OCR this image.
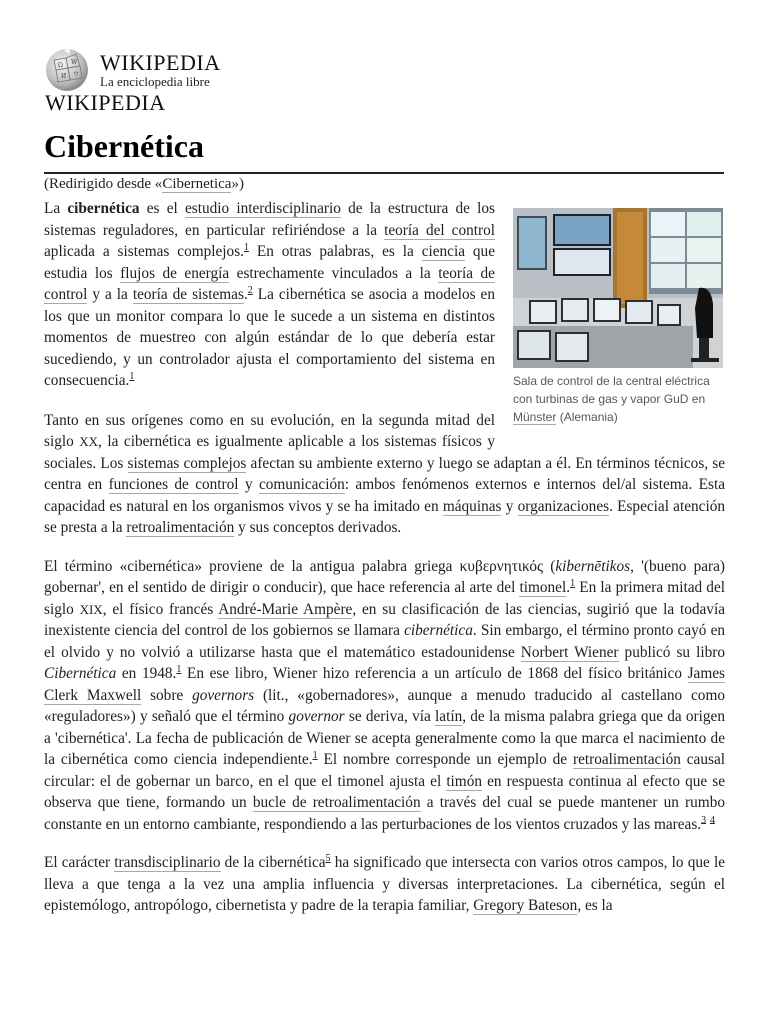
Ω W
И ウ WIKIPEDIA
La enciclopedia libre
WIKIPEDIA
Cibernética
(Redirigido desde «Cibernetica»)
Sala de control de la central eléctrica con turbinas de gas y vapor GuD en Münster (Alemania)

La cibernética es el estudio interdisciplinario de la estructura de los sistemas reguladores, en particular refiriéndose a la teoría del control aplicada a sistemas complejos.$^1$ En otras palabras, es la ciencia que estudia los flujos de energía estrechamente vinculados a la teoría de control y a la teoría de sistemas.$^2$ La cibernética se asocia a modelos en los que un monitor compara lo que le sucede a un sistema en distintos momentos de muestreo con algún estándar de lo que debería estar sucediendo, y un controlador ajusta el comportamiento del sistema en consecuencia.$^1$

Tanto en sus orígenes como en su evolución, en la segunda mitad del siglo XX, la cibernética es igualmente aplicable a los sistemas físicos y sociales. Los sistemas complejos afectan su ambiente externo y luego se adaptan a él. En términos técnicos, se centra en funciones de control y comunicación: ambos fenómenos externos e internos del/al sistema. Esta capacidad es natural en los organismos vivos y se ha imitado en máquinas y organizaciones. Especial atención se presta a la retroalimentación y sus conceptos derivados.

El término «cibernética» proviene de la antigua palabra griega κυβερνητικός (kibernētikos, '(bueno para) gobernar', en el sentido de dirigir o conducir), que hace referencia al arte del timonel.$^1$ En la primera mitad del siglo XIX, el físico francés André-Marie Ampère, en su clasificación de las ciencias, sugirió que la todavía inexistente ciencia del control de los gobiernos se llamara cibernética. Sin embargo, el término pronto cayó en el olvido y no volvió a utilizarse hasta que el matemático estadounidense Norbert Wiener publicó su libro Cibernética en 1948.$^1$ En ese libro, Wiener hizo referencia a un artículo de 1868 del físico británico James Clerk Maxwell sobre governors (lit., «gobernadores», aunque a menudo traducido al castellano como «reguladores») y señaló que el término governor se deriva, vía latín, de la misma palabra griega que da origen a 'cibernética'. La fecha de publicación de Wiener se acepta generalmente como la que marca el nacimiento de la cibernética como ciencia independiente.$^1$ El nombre corresponde un ejemplo de retroalimentación causal circular: el de gobernar un barco, en el que el timonel ajusta el timón en respuesta continua al efecto que se observa que tiene, formando un bucle de retroalimentación a través del cual se puede mantener un rumbo constante en un entorno cambiante, respondiendo a las perturbaciones de los vientos cruzados y las mareas.$^3$ $^4$

El carácter transdisciplinario de la cibernética$^5$ ha significado que intersecta con varios otros campos, lo que le lleva a que tenga a la vez una amplia influencia y diversas interpretaciones. La cibernética, según el epistemólogo, antropólogo, cibernetista y padre de la terapia familiar, Gregory Bateson, es la
